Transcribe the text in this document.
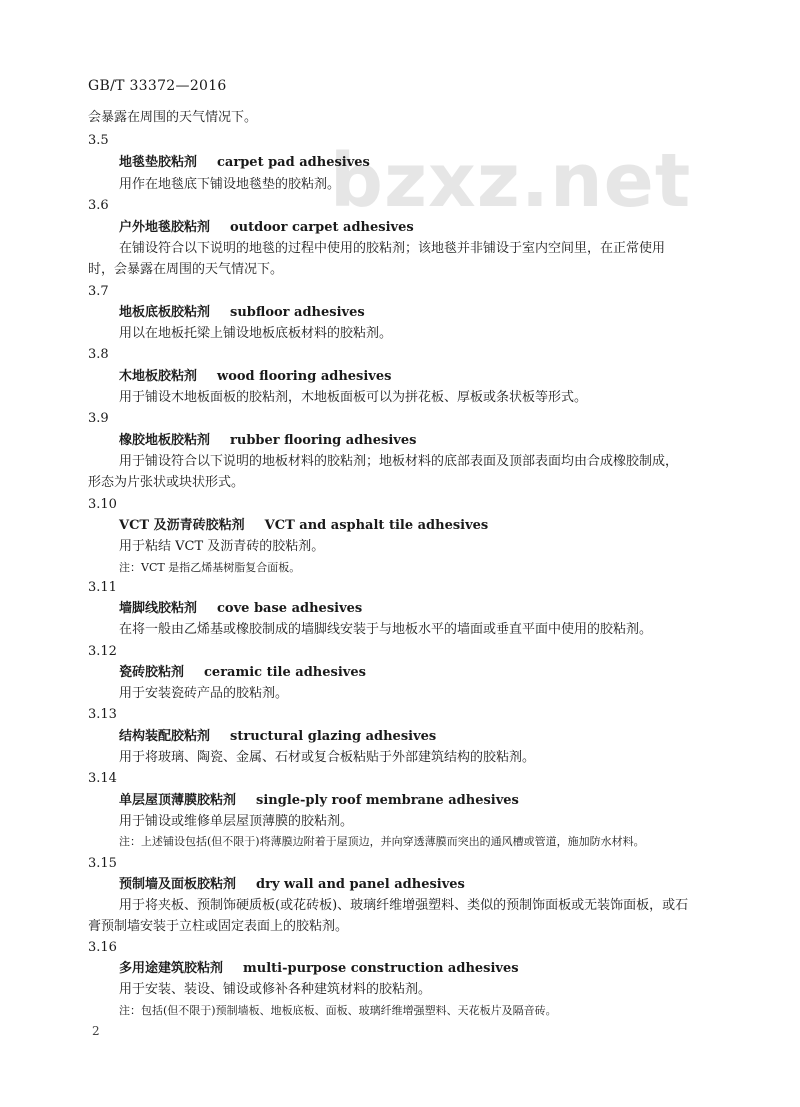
GB/T 33372—2016
bzxz.net
会暴露在周围的天气情况下。
3.5
地毯垫胶粘剂 carpet pad adhesives
用作在地毯底下铺设地毯垫的胶粘剂。
3.6
户外地毯胶粘剂 outdoor carpet adhesives
在铺设符合以下说明的地毯的过程中使用的胶粘剂；该地毯并非铺设于室内空间里，在正常使用
时，会暴露在周围的天气情况下。
3.7
地板底板胶粘剂 subfloor adhesives
用以在地板托梁上铺设地板底板材料的胶粘剂。
3.8
木地板胶粘剂 wood flooring adhesives
用于铺设木地板面板的胶粘剂，木地板面板可以为拼花板、厚板或条状板等形式。
3.9
橡胶地板胶粘剂 rubber flooring adhesives
用于铺设符合以下说明的地板材料的胶粘剂；地板材料的底部表面及顶部表面均由合成橡胶制成，
形态为片张状或块状形式。
3.10
VCT 及沥青砖胶粘剂 VCT and asphalt tile adhesives
用于粘结 VCT 及沥青砖的胶粘剂。
注：VCT 是指乙烯基树脂复合面板。
3.11
墙脚线胶粘剂 cove base adhesives
在将一般由乙烯基或橡胶制成的墙脚线安装于与地板水平的墙面或垂直平面中使用的胶粘剂。
3.12
瓷砖胶粘剂 ceramic tile adhesives
用于安装瓷砖产品的胶粘剂。
3.13
结构装配胶粘剂 structural glazing adhesives
用于将玻璃、陶瓷、金属、石材或复合板粘贴于外部建筑结构的胶粘剂。
3.14
单层屋顶薄膜胶粘剂 single-ply roof membrane adhesives
用于铺设或维修单层屋顶薄膜的胶粘剂。
注：上述铺设包括(但不限于)将薄膜边附着于屋顶边，并向穿透薄膜而突出的通风槽或管道，施加防水材料。
3.15
预制墙及面板胶粘剂 dry wall and panel adhesives
用于将夹板、预制饰硬质板(或花砖板)、玻璃纤维增强塑料、类似的预制饰面板或无装饰面板，或石
膏预制墙安装于立柱或固定表面上的胶粘剂。
3.16
多用途建筑胶粘剂 multi-purpose construction adhesives
用于安装、装设、铺设或修补各种建筑材料的胶粘剂。
注：包括(但不限于)预制墙板、地板底板、面板、玻璃纤维增强塑料、天花板片及隔音砖。
2
